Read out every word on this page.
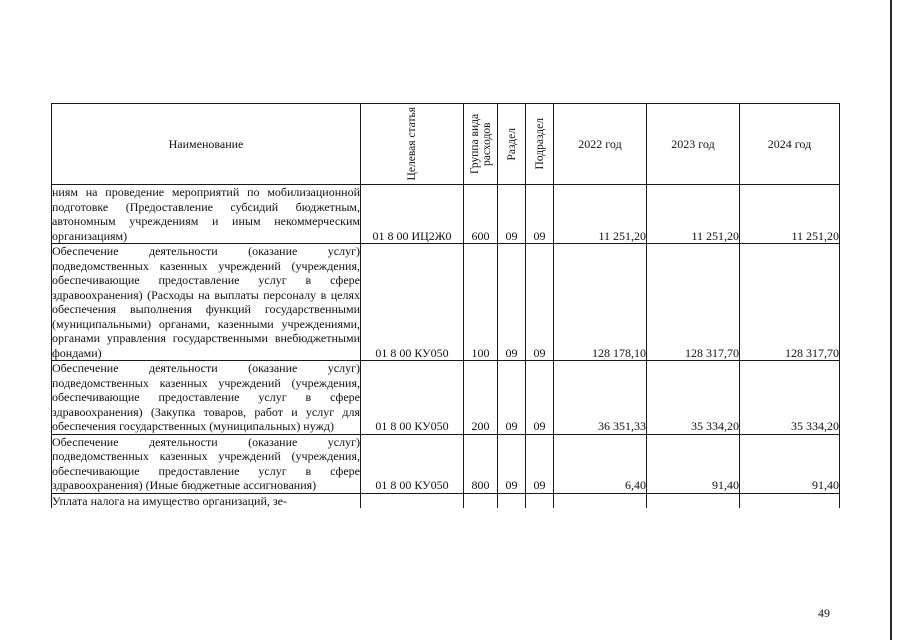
Наименование	Целевая статья	Группа вида расходов	Раздел	Подраздел	2022 год	2023 год	2024 год
ниям на проведение мероприятий по мобилизационной подготовке (Предоставление субсидий бюджетным, автономным учреждениям и иным некоммерческим организациям)	01 8 00 ИЦ2Ж0	600	09	09	11 251,20	11 251,20	11 251,20
Обеспечение деятельности (оказание услуг) подведомственных казенных учреждений (учреждения, обеспечивающие предоставление услуг в сфере здравоохранения) (Расходы на выплаты персоналу в целях обеспечения выполнения функций государственными (муниципальными) органами, казенными учреждениями, органами управления государственными внебюджетными фондами)	01 8 00 КУ050	100	09	09	128 178,10	128 317,70	128 317,70
Обеспечение деятельности (оказание услуг) подведомственных казенных учреждений (учреждения, обеспечивающие предоставление услуг в сфере здравоохранения) (Закупка товаров, работ и услуг для обеспечения государственных (муниципальных) нужд)	01 8 00 КУ050	200	09	09	36 351,33	35 334,20	35 334,20
Обеспечение деятельности (оказание услуг) подведомственных казенных учреждений (учреждения, обеспечивающие предоставление услуг в сфере здравоохранения) (Иные бюджетные ассигнования)	01 8 00 КУ050	800	09	09	6,40	91,40	91,40
Уплата налога на имущество организаций, зе-							
49
